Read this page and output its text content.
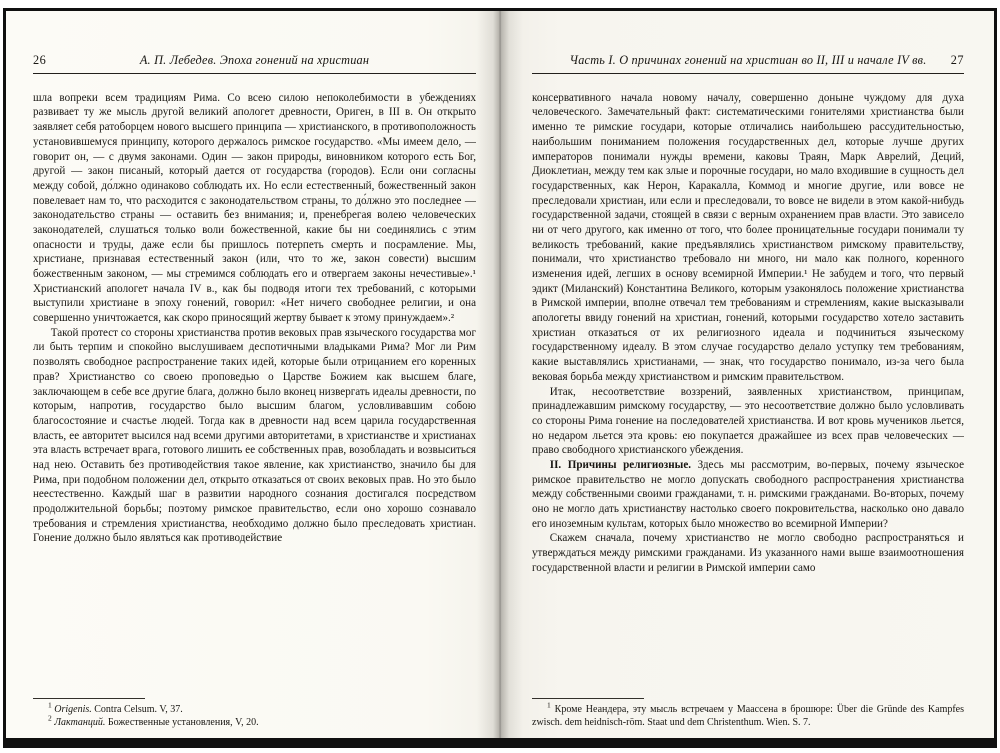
26	А. П. Лебедев. Эпоха гонений на христиан

шла вопреки всем традициям Рима. Со всею силою непоколебимости в убеждениях развивает ту же мысль другой великий апологет древности, Ориген, в III в. Он открыто заявляет себя ратоборцем нового высшего принципа — христианского, в противоположность установившемуся принципу, которого держалось римское государство. «Мы имеем дело, — говорит он, — с двумя законами. Один — закон природы, виновником которого есть Бог, другой — закон писаный, который дается от государства (городов). Если они согласны между собой, до́лжно одинаково соблюдать их. Но если естественный, божественный закон повелевает нам то, что расходится с законодательством страны, то до́лжно это последнее — законодательство страны — оставить без внимания; и, пренебрегая волею человеческих законодателей, слушаться только воли божественной, какие бы ни соединялись с этим опасности и труды, даже если бы пришлось потерпеть смерть и посрамление. Мы, христиане, признавая естественный закон (или, что то же, закон совести) высшим божественным законом, — мы стремимся соблюдать его и отвергаем законы нечестивые».¹ Христианский апологет начала IV в., как бы подводя итоги тех требований, с которыми выступили христиане в эпоху гонений, говорил: «Нет ничего свободнее религии, и она совершенно уничтожается, как скоро приносящий жертву бывает к этому принуждаем».²

Такой протест со стороны христианства против вековых прав языческого государства мог ли быть терпим и спокойно выслушиваем деспотичными владыками Рима? Мог ли Рим позволять свободное распространение таких идей, которые были отрицанием его коренных прав? Христианство со своею проповедью о Царстве Божием как высшем благе, заключающем в себе все другие блага, должно было вконец низвергать идеалы древности, по которым, напротив, государство было высшим благом, условливавшим собою благосостояние и счастье людей. Тогда как в древности над всем царила государственная власть, ее авторитет высился над всеми другими авторитетами, в христианстве и христианах эта власть встречает врага, готового лишить ее собственных прав, возобладать и возвыситься над нею. Оставить без противодействия такое явление, как христианство, значило бы для Рима, при подобном положении дел, открыто отказаться от своих вековых прав. Но это было неестественно. Каждый шаг в развитии народного сознания достигался посредством продолжительной борьбы; поэтому римское правительство, если оно хорошо сознавало требования и стремления христианства, необходимо должно было преследовать христиан. Гонение должно было являться как противодействие

$^1$ Origenis. Contra Celsum. V, 37.

$^2$ Лактанций. Божественные установления, V, 20.

Часть I. О причинах гонений на христиан во II, III и начале IV вв.	27

консервативного начала новому началу, совершенно доныне чуждому для духа человеческого. Замечательный факт: систематическими гонителями христианства были именно те римские государи, которые отличались наибольшею рассудительностью, наибольшим пониманием положения государственных дел, которые лучше других императоров понимали нужды времени, каковы Траян, Марк Аврелий, Деций, Диоклетиан, между тем как злые и порочные государи, но мало входившие в сущность дел государственных, как Нерон, Каракалла, Коммод и многие другие, или вовсе не преследовали христиан, или если и преследовали, то вовсе не видели в этом какой-нибудь государственной задачи, стоящей в связи с верным охранением прав власти. Это зависело ни от чего другого, как именно от того, что более проницательные государи понимали ту великость требований, какие предъявлялись христианством римскому правительству, понимали, что христианство требовало ни много, ни мало как полного, коренного изменения идей, легших в основу всемирной Империи.¹ Не забудем и того, что первый эдикт (Миланский) Константина Великого, которым узаконялось положение христианства в Римской империи, вполне отвечал тем требованиям и стремлениям, какие высказывали апологеты ввиду гонений на христиан, гонений, которыми государство хотело заставить христиан отказаться от их религиозного идеала и подчиниться языческому государственному идеалу. В этом случае государство делало уступку тем требованиям, какие выставлялись христианами, — знак, что государство понимало, из-за чего была вековая борьба между христианством и римским правительством.

Итак, несоответствие воззрений, заявленных христианством, принципам, принадлежавшим римскому государству, — это несоответствие должно было условливать со стороны Рима гонение на последователей христианства. И вот кровь мучеников льется, но недаром льется эта кровь: ею покупается дражайшее из всех прав человеческих — право свободного христианского убеждения.

II. Причины религиозные. Здесь мы рассмотрим, во-первых, почему языческое римское правительство не могло допускать свободного распространения христианства между собственными своими гражданами, т. н. римскими гражданами. Во-вторых, почему оно не могло дать христианству настолько своего покровительства, насколько оно давало его иноземным культам, которых было множество во всемирной Империи?

Скажем сначала, почему христианство не могло свободно распространяться и утверждаться между римскими гражданами. Из указанного нами выше взаимоотношения государственной власти и религии в Римской империи само

$^1$ Кроме Неандера, эту мысль встречаем у Маассена в брошюре: Über die Gründe des Kampfes zwisch. dem heidnisch-röm. Staat und dem Christenthum. Wien. S. 7.
